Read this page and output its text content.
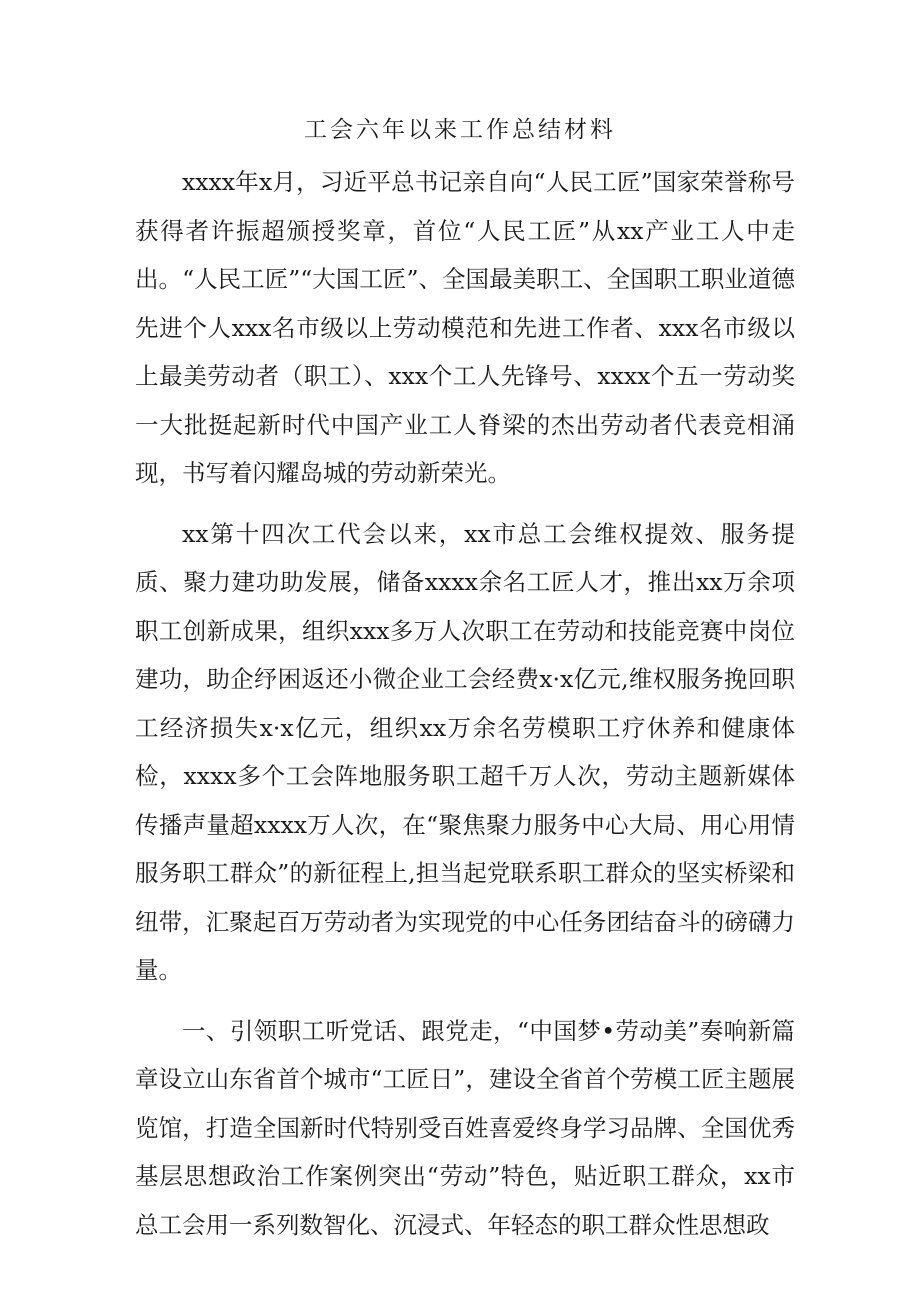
工会六年以来工作总结材料

xxxx年x月，习近平总书记亲自向“人民工匠”国家荣誉称号获得者许振超颁授奖章，首位“人民工匠”从xx产业工人中走出。“人民工匠”“大国工匠”、全国最美职工、全国职工职业道德先进个人xxx名市级以上劳动模范和先进工作者、xxx名市级以上最美劳动者（职工）、xxx个工人先锋号、xxxx个五一劳动奖一大批挺起新时代中国产业工人脊梁的杰出劳动者代表竞相涌现，书写着闪耀岛城的劳动新荣光。

xx第十四次工代会以来，xx市总工会维权提效、服务提质、聚力建功助发展，储备xxxx余名工匠人才，推出xx万余项职工创新成果，组织xxx多万人次职工在劳动和技能竞赛中岗位建功，助企纾困返还小微企业工会经费x·x亿元,维权服务挽回职工经济损失x·x亿元，组织xx万余名劳模职工疗休养和健康体检，xxxx多个工会阵地服务职工超千万人次，劳动主题新媒体传播声量超xxxx万人次，在“聚焦聚力服务中心大局、用心用情服务职工群众”的新征程上,担当起党联系职工群众的坚实桥梁和纽带，汇聚起百万劳动者为实现党的中心任务团结奋斗的磅礴力量。

一、引领职工听党话、跟党走，“中国梦•劳动美”奏响新篇章设立山东省首个城市“工匠日”，建设全省首个劳模工匠主题展览馆，打造全国新时代特别受百姓喜爱终身学习品牌、全国优秀基层思想政治工作案例突出“劳动”特色，贴近职工群众，xx市总工会用一系列数智化、沉浸式、年轻态的职工群众性思想政
